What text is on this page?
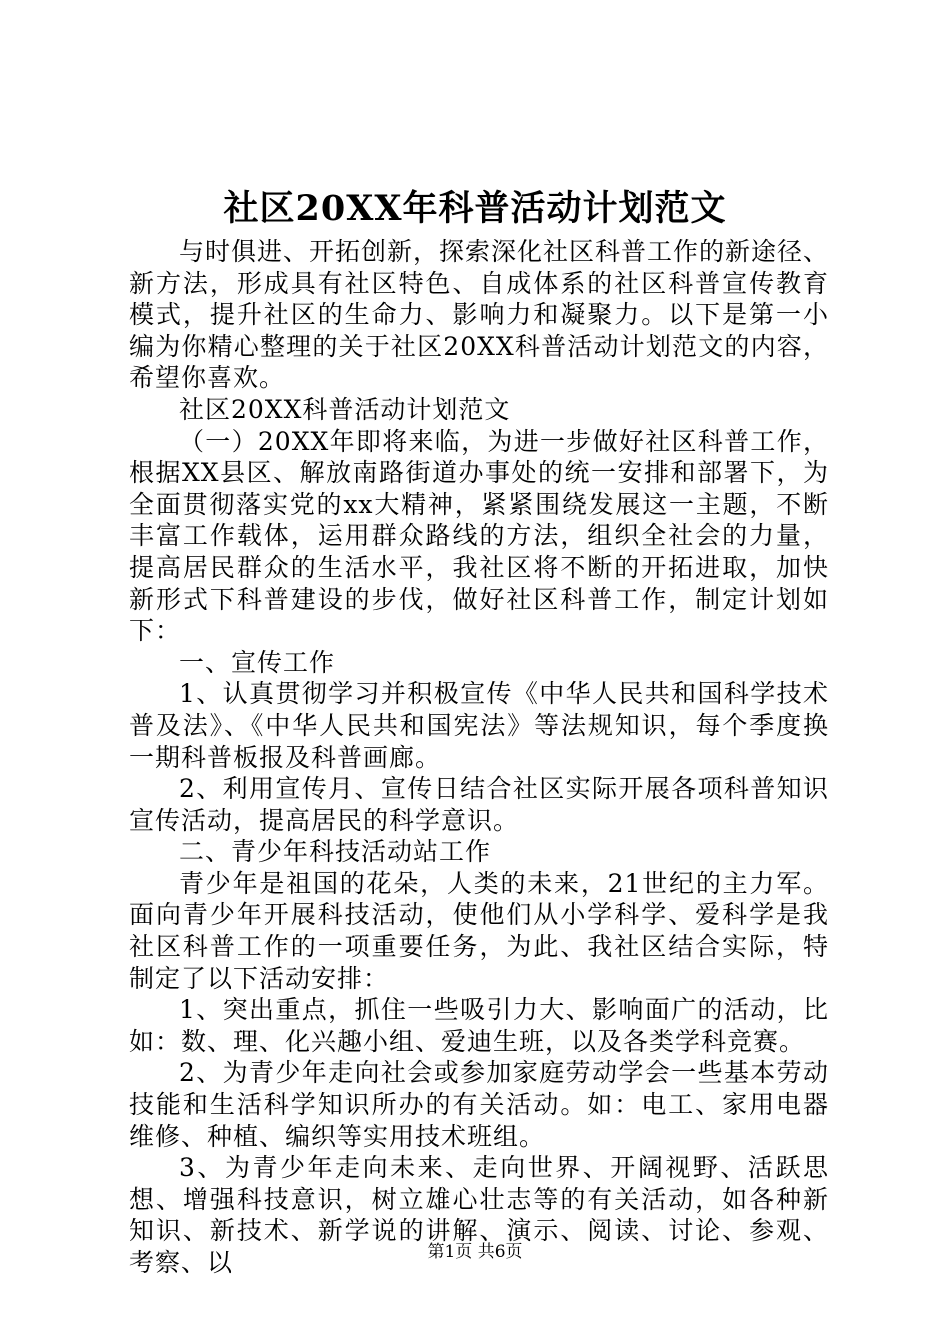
社区20XX年科普活动计划范文

与时俱进、开拓创新，探索深化社区科普工作的新途径、新方法，形成具有社区特色、自成体系的社区科普宣传教育模式，提升社区的生命力、影响力和凝聚力。以下是第一小编为你精心整理的关于社区20XX科普活动计划范文的内容，希望你喜欢。

社区20XX科普活动计划范文

（一）20XX年即将来临，为进一步做好社区科普工作，根据XX县区、解放南路街道办事处的统一安排和部署下，为全面贯彻落实党的xx大精神，紧紧围绕发展这一主题，不断丰富工作载体，运用群众路线的方法，组织全社会的力量，提高居民群众的生活水平，我社区将不断的开拓进取，加快新形式下科普建设的步伐，做好社区科普工作，制定计划如下：

一、宣传工作

1、认真贯彻学习并积极宣传《中华人民共和国科学技术普及法》、《中华人民共和国宪法》等法规知识，每个季度换一期科普板报及科普画廊。

2、利用宣传月、宣传日结合社区实际开展各项科普知识宣传活动，提高居民的科学意识。

二、青少年科技活动站工作

青少年是祖国的花朵，人类的未来，21世纪的主力军。面向青少年开展科技活动，使他们从小学科学、爱科学是我社区科普工作的一项重要任务，为此、我社区结合实际，特制定了以下活动安排：

1、突出重点，抓住一些吸引力大、影响面广的活动，比如：数、理、化兴趣小组、爱迪生班，以及各类学科竞赛。

2、为青少年走向社会或参加家庭劳动学会一些基本劳动技能和生活科学知识所办的有关活动。如：电工、家用电器维修、种植、编织等实用技术班组。

3、为青少年走向未来、走向世界、开阔视野、活跃思想、增强科技意识，树立雄心壮志等的有关活动，如各种新知识、新技术、新学说的讲解、演示、阅读、讨论、参观、考察、以	第1页 共6页
